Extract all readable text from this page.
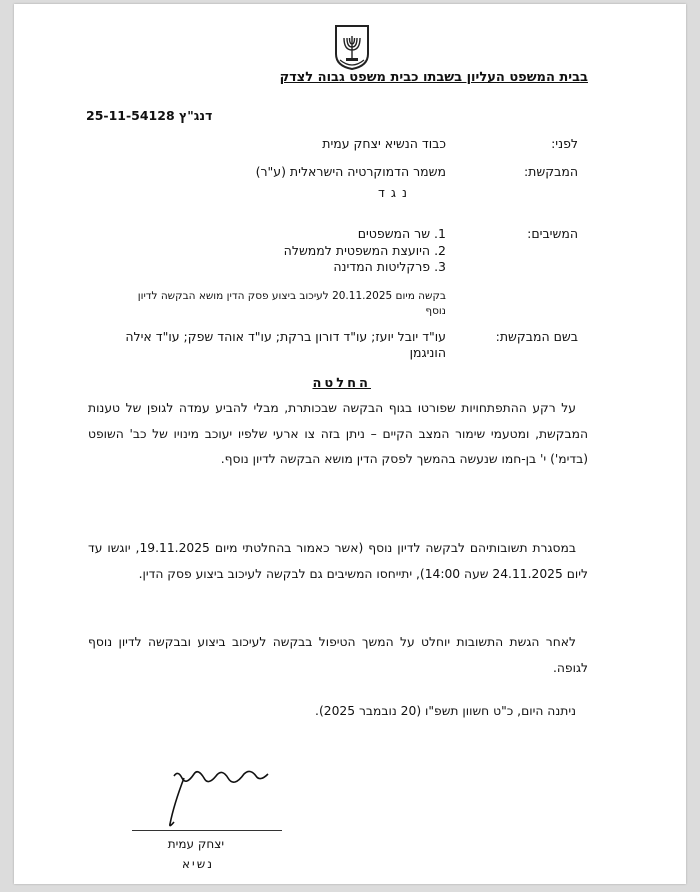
בבית המשפט העליון בשבתו כבית משפט גבוה לצדק
דנג"ץ 25-11-54128
לפני:
כבוד הנשיא יצחק עמית
המבקשת:
משמר הדמוקרטיה הישראלית (ע"ר)
נגד
המשיבים:
1. שר המשפטים
2. היועצת המשפטית לממשלה
3. פרקליטות המדינה
בקשה מיום 20.11.2025 לעיכוב ביצוע פסק הדין מושא הבקשה לדיון נוסף
בשם המבקשת:
עו"ד יובל יועז; עו"ד דורון ברקת; עו"ד אוהד שפק; עו"ד אילה הוניגמן
החלטה
על רקע ההתפתחויות שפורטו בגוף הבקשה שבכותרת, מבלי להביע עמדה לגופן של טענות המבקשת, ומטעמי שימור המצב הקיים – ניתן בזה צו ארעי שלפיו יעוכב מינויו של כב' השופט (בדימ') י' בן-חמו שנעשה בהמשך לפסק הדין מושא הבקשה לדיון נוסף.
במסגרת תשובותיהם לבקשה לדיון נוסף (אשר כאמור בהחלטתי מיום 19.11.2025, יוגשו עד ליום 24.11.2025 שעה 14:00), יתייחסו המשיבים גם לבקשה לעיכוב ביצוע פסק הדין.
לאחר הגשת התשובות יוחלט על המשך הטיפול בבקשה לעיכוב ביצוע ובבקשה לדיון נוסף לגופה.
ניתנה היום, כ"ט חשוון תשפ"ו (20 נובמבר 2025).
יצחק עמית
נשיא
